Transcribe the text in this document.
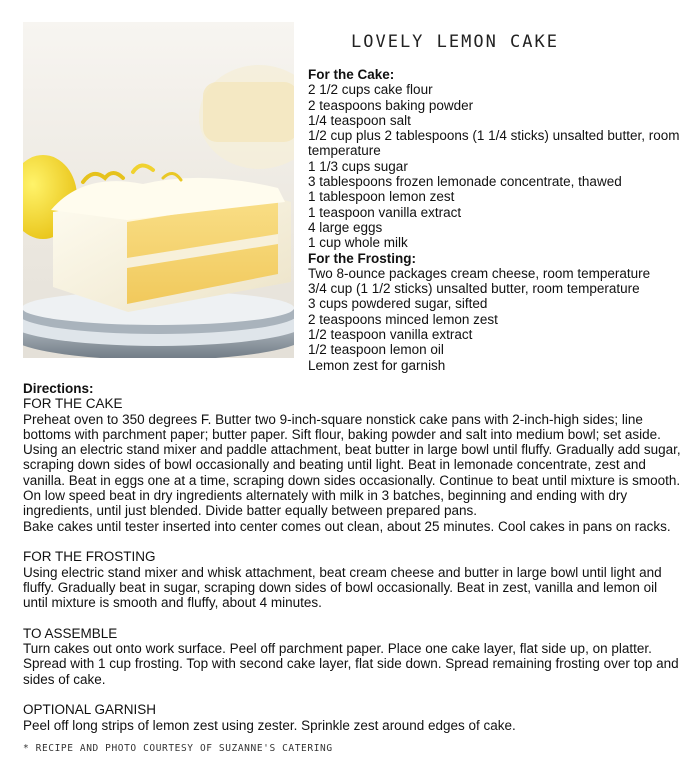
LOVELY LEMON CAKE
For the Cake:
2 1/2 cups cake flour
2 teaspoons baking powder
1/4 teaspoon salt
1/2 cup plus 2 tablespoons (1 1/4 sticks) unsalted butter, room temperature
1 1/3 cups sugar
3 tablespoons frozen lemonade concentrate, thawed
1 tablespoon lemon zest
1 teaspoon vanilla extract
4 large eggs
1 cup whole milk
For the Frosting:
Two 8-ounce packages cream cheese, room temperature
3/4 cup (1 1/2 sticks) unsalted butter, room temperature
3 cups powdered sugar, sifted
2 teaspoons minced lemon zest
1/2 teaspoon vanilla extract
1/2 teaspoon lemon oil
Lemon zest for garnish
Directions:

FOR THE CAKE

Preheat oven to 350 degrees F. Butter two 9-inch-square nonstick cake pans with 2-inch-high sides; line bottoms with parchment paper; butter paper. Sift flour, baking powder and salt into medium bowl; set aside. Using an electric stand mixer and paddle attachment, beat butter in large bowl until fluffy. Gradually add sugar, scraping down sides of bowl occasionally and beating until light. Beat in lemonade concentrate, zest and vanilla. Beat in eggs one at a time, scraping down sides occasionally. Continue to beat until mixture is smooth. On low speed beat in dry ingredients alternately with milk in 3 batches, beginning and ending with dry ingredients, until just blended. Divide batter equally between prepared pans.

Bake cakes until tester inserted into center comes out clean, about 25 minutes. Cool cakes in pans on racks.

FOR THE FROSTING

Using electric stand mixer and whisk attachment, beat cream cheese and butter in large bowl until light and fluffy. Gradually beat in sugar, scraping down sides of bowl occasionally. Beat in zest, vanilla and lemon oil until mixture is smooth and fluffy, about 4 minutes.

TO ASSEMBLE

Turn cakes out onto work surface. Peel off parchment paper. Place one cake layer, flat side up, on platter. Spread with 1 cup frosting. Top with second cake layer, flat side down. Spread remaining frosting over top and sides of cake.

OPTIONAL GARNISH

Peel off long strips of lemon zest using zester. Sprinkle zest around edges of cake.

* RECIPE AND PHOTO COURTESY OF SUZANNE'S CATERING
